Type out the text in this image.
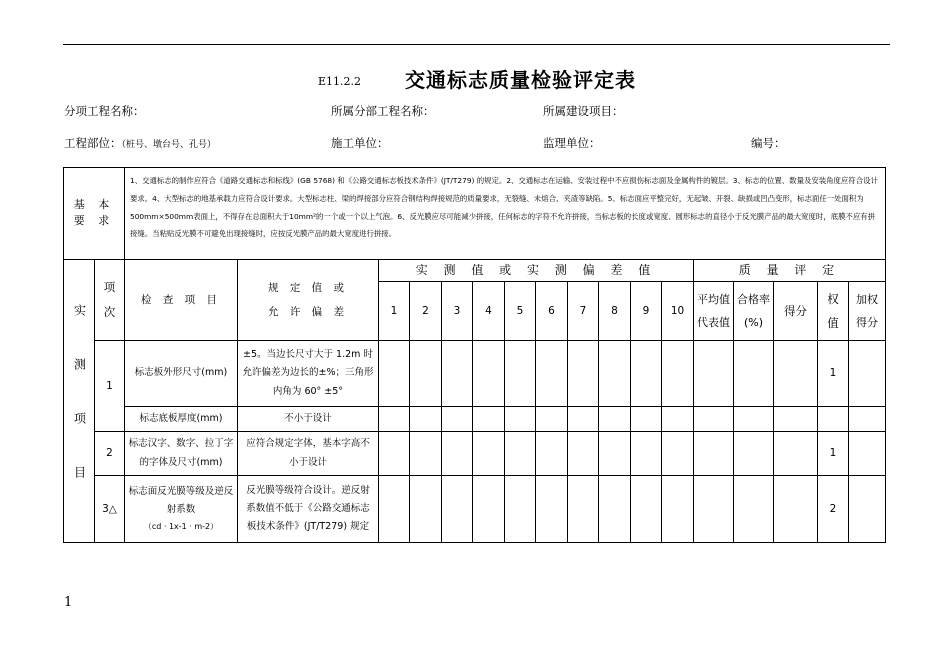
E11.2.2 交通标志质量检验评定表
分项工程名称：	所属分部工程名称：	所属建设项目：
工程部位：（桩号、墩台号、孔号）	施工单位：	监理单位：	编号：
基 本 要 求		1、交通标志的制作应符合《道路交通标志和标线》(GB 5768) 和《公路交通标志板技术条件》(JT/T279) 的规定。2、交通标志在运输、安装过程中不应损伤标志面及金属构件的镀层。3、标志的位置、数量及安装角度应符合设计要求。4、大型标志的地基承载力应符合设计要求。大型标志柱、梁的焊接部分应符合钢结构焊接规范的质量要求，无裂缝、未熔合、夹渣等缺陷。5、标志面应平整完好，无起皱、开裂、缺损或凹凸变形，标志面任一处面积为500mm×500mm表面上，不得存在总面积大于10mm²的一个或一个以上气泡。6、反光膜应尽可能减少拼接，任何标志的字符不允许拼接，当标志板的长度或宽度、圆形标志的直径小于反光膜产品的最大宽度时，底膜不应有拼接缝。当粘贴反光膜不可避免出现接缝时，应按反光膜产品的最大宽度进行拼接。																
实 测 项 目	项 次	检 查 项 目	规 定 值 或
允 许 偏 差	实 测 值 或 实 测 偏 差 值										质 量 评 定				
				1	2	3	4	5	6	7	8	9	10	平均值 代表值	合格率 (%)	得分	权 值	加权 得分

	1	标志板外形尺寸(mm)	±5。当边长尺寸大于 1.2m 时允许偏差为边长的±%；三角形内角为 60° ±5°														1	
		标志底板厚度(mm)	不小于设计															
	2	标志汉字、数字、拉丁字的字体及尺寸(mm)	应符合规定字体，基本字高不小于设计														1	
	3△	标志面反光膜等级及逆反射系数
（cd · 1x-1 · m-2）	反光膜等级符合设计。逆反射系数值不低于《公路交通标志板技术条件》(JT/T279) 规定														2	
1
